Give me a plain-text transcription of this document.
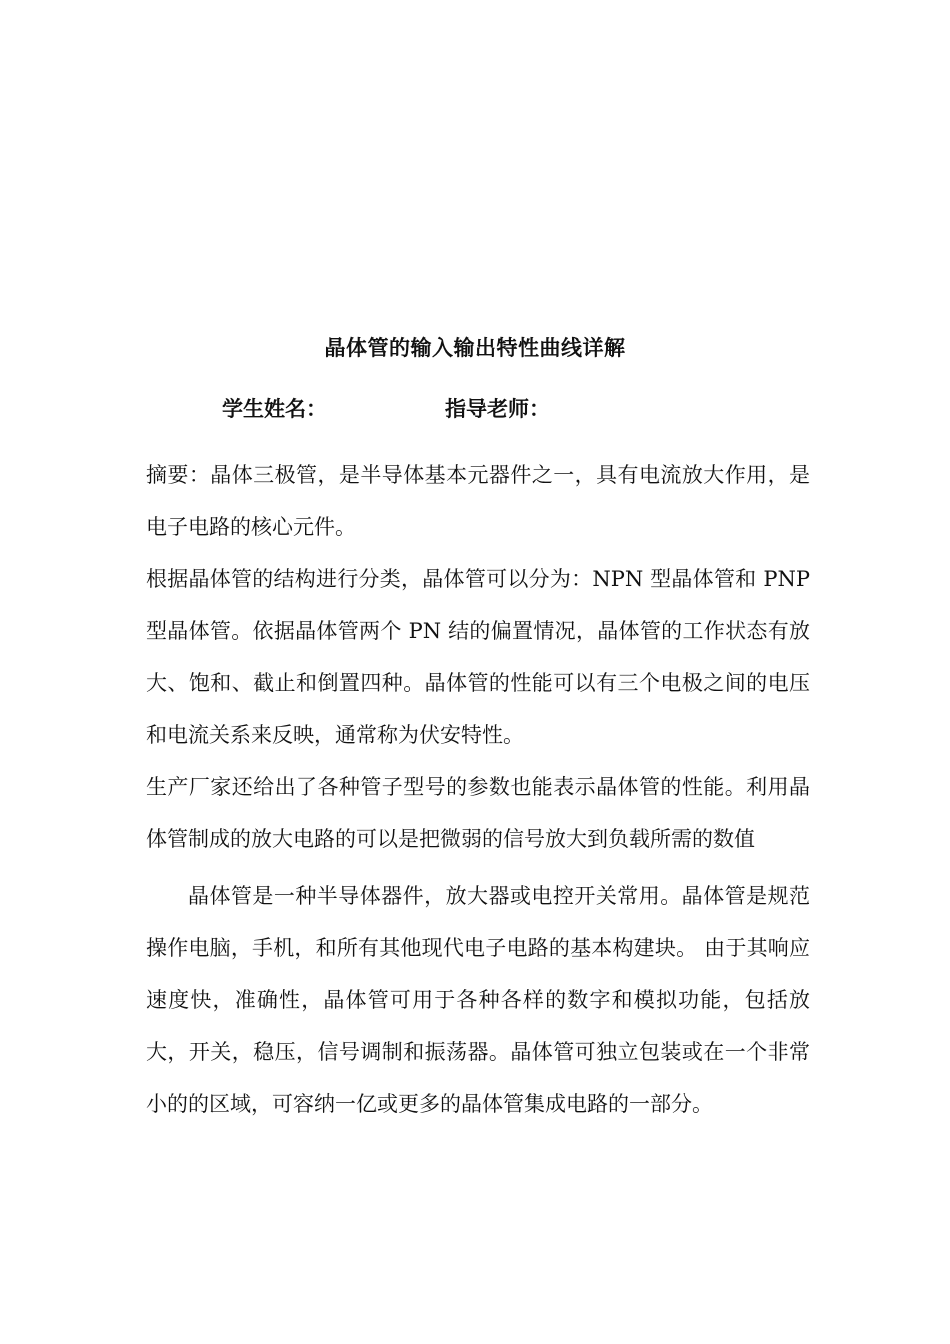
晶体管的输入输出特性曲线详解
学生姓名：	指导老师：

摘要：晶体三极管，是半导体基本元器件之一，具有电流放大作用，是电子电路的核心元件。

根据晶体管的结构进行分类，晶体管可以分为：NPN 型晶体管和 PNP 型晶体管。依据晶体管两个 PN 结的偏置情况，晶体管的工作状态有放大、饱和、截止和倒置四种。晶体管的性能可以有三个电极之间的电压和电流关系来反映，通常称为伏安特性。

生产厂家还给出了各种管子型号的参数也能表示晶体管的性能。利用晶体管制成的放大电路的可以是把微弱的信号放大到负载所需的数值

晶体管是一种半导体器件，放大器或电控开关常用。晶体管是规范操作电脑，手机，和所有其他现代电子电路的基本构建块。 由于其响应速度快，准确性，晶体管可用于各种各样的数字和模拟功能，包括放大，开关，稳压，信号调制和振荡器。晶体管可独立包装或在一个非常小的的区域，可容纳一亿或更多的晶体管集成电路的一部分。
